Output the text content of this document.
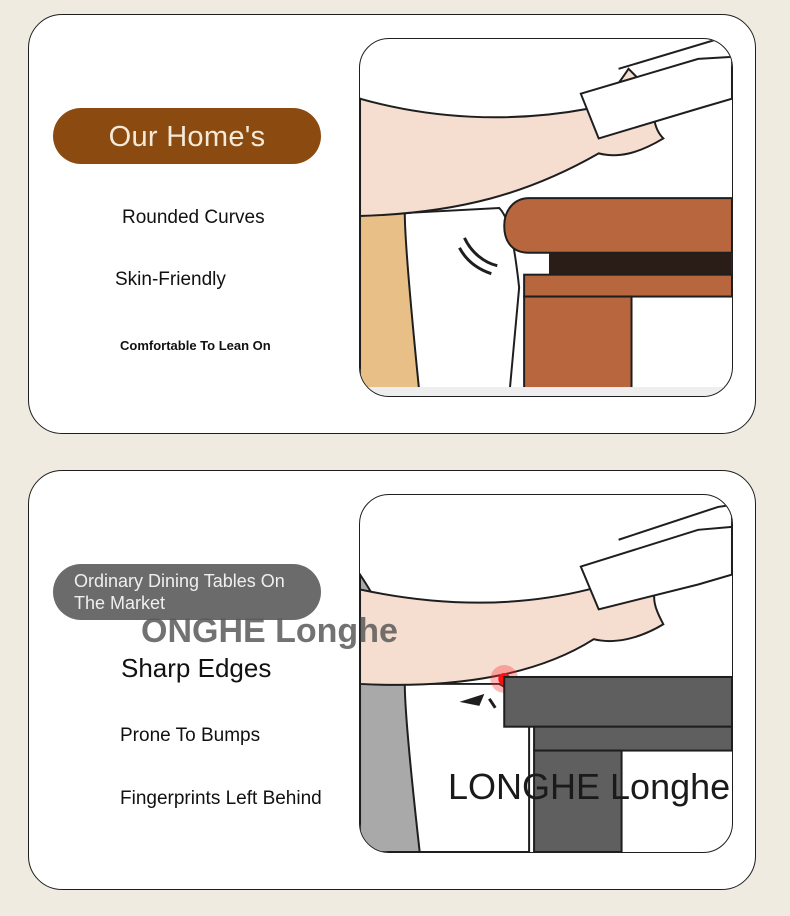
Our Home's
Rounded Curves
Skin-Friendly
Comfortable To Lean On
Ordinary Dining Tables On The Market
Sharp Edges
Prone To Bumps
Fingerprints Left Behind
ONGHE Longhe
LONGHE Longhe
